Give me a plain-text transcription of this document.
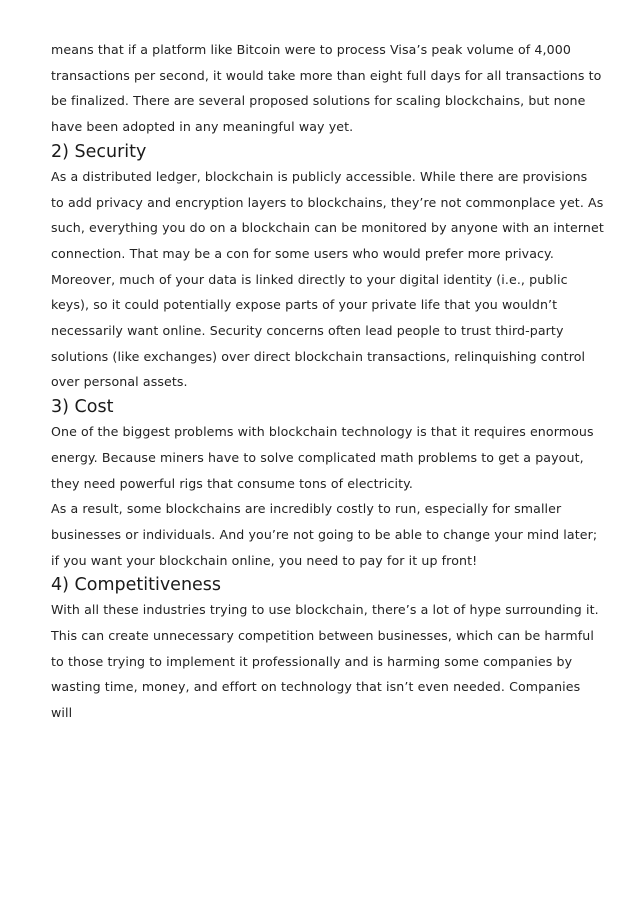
means that if a platform like Bitcoin were to process Visa’s peak volume of 4,000 transactions per second, it would take more than eight full days for all transactions to be finalized. There are several proposed solutions for scaling blockchains, but none have been adopted in any meaningful way yet.

2) Security

As a distributed ledger, blockchain is publicly accessible. While there are provisions to add privacy and encryption layers to blockchains, they’re not commonplace yet. As such, everything you do on a blockchain can be monitored by anyone with an internet connection. That may be a con for some users who would prefer more privacy.

Moreover, much of your data is linked directly to your digital identity (i.e., public keys), so it could potentially expose parts of your private life that you wouldn’t necessarily want online. Security concerns often lead people to trust third-party solutions (like exchanges) over direct blockchain transactions, relinquishing control over personal assets.

3) Cost

One of the biggest problems with blockchain technology is that it requires enormous energy. Because miners have to solve complicated math problems to get a payout, they need powerful rigs that consume tons of electricity.

As a result, some blockchains are incredibly costly to run, especially for smaller businesses or individuals. And you’re not going to be able to change your mind later; if you want your blockchain online, you need to pay for it up front!

4) Competitiveness

With all these industries trying to use blockchain, there’s a lot of hype surrounding it. This can create unnecessary competition between businesses, which can be harmful to those trying to implement it professionally and is harming some companies by wasting time, money, and effort on technology that isn’t even needed. Companies will
